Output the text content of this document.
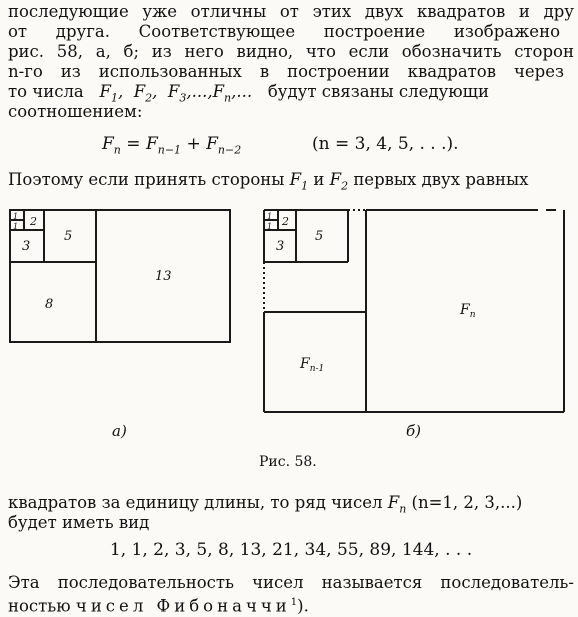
последующие уже отличны от этих двух квадратов и дру
от друга. Соответствующее построение изображено
рис. 58, а, б; из него видно, что если обозначить сторон
n-го из использованных в построении квадратов через
то числа   $F_1$,  $F_2$,  $F_3,...,F_n$,...   будут связаны следующи
соотношением:
$F_n = F_{n-1} + F_{n-2}$	(n = 3, 4, 5, . . .).
Поэтому если принять стороны $F_1$ и $F_2$ первых двух равных
1
1 2
3
5
8
13
1
1 2
3
5
$F_n$
$F_{n-1}$
а)	б)
Рис. 58.
квадратов за единицу длины, то ряд чисел $F_n$ (n=1, 2, 3,...)
будет иметь вид
1, 1, 2, 3, 5, 8, 13, 21, 34, 55, 89, 144, . . .
Эта последовательность чисел называется последователь-
ностью чисел Фибоначчи$^1$).
